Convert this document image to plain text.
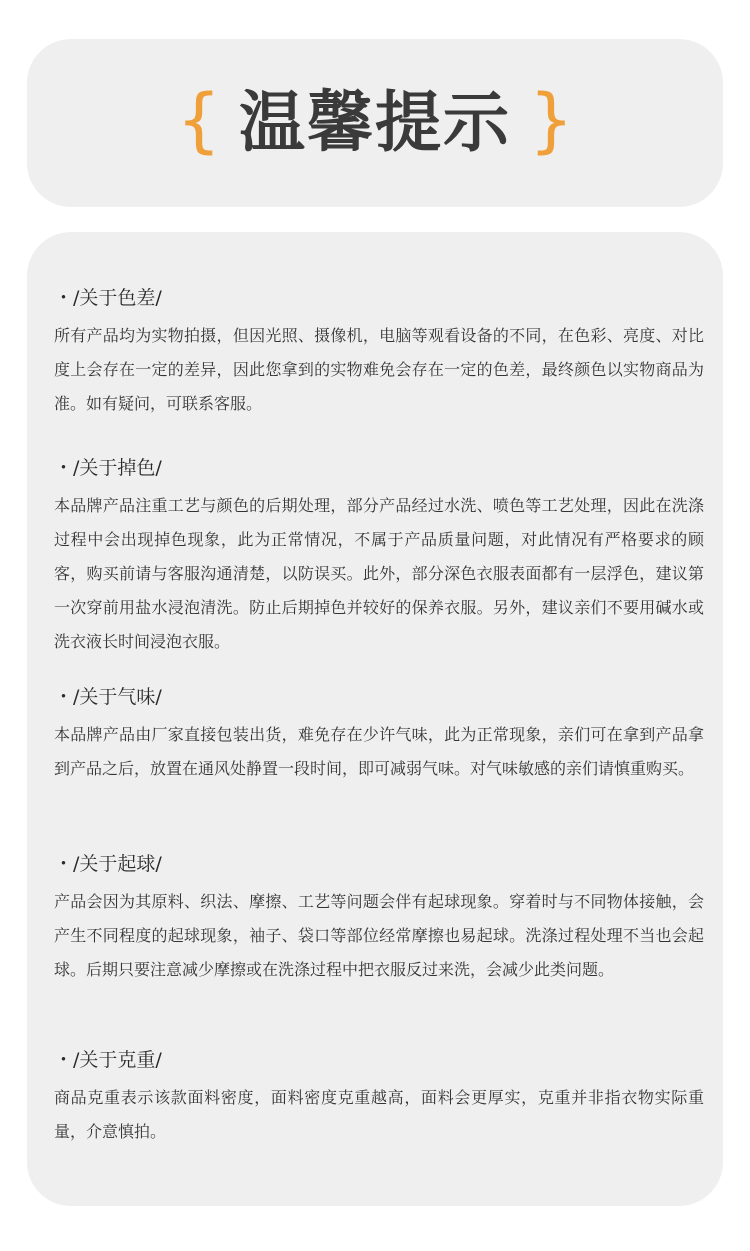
{ 温馨提示 }
・/关于色差/
所有产品均为实物拍摄，但因光照、摄像机，电脑等观看设备的不同，在色彩、亮度、对比度上会存在一定的差异，因此您拿到的实物难免会存在一定的色差，最终颜色以实物商品为准。如有疑问，可联系客服。
・/关于掉色/
本品牌产品注重工艺与颜色的后期处理，部分产品经过水洗、喷色等工艺处理，因此在洗涤过程中会出现掉色现象，此为正常情况，不属于产品质量问题，对此情况有严格要求的顾客，购买前请与客服沟通清楚，以防误买。此外，部分深色衣服表面都有一层浮色，建议第一次穿前用盐水浸泡清洗。防止后期掉色并较好的保养衣服。另外，建议亲们不要用碱水或洗衣液长时间浸泡衣服。
・/关于气味/
本品牌产品由厂家直接包装出货，难免存在少许气味，此为正常现象，亲们可在拿到产品拿到产品之后，放置在通风处静置一段时间，即可减弱气味。对气味敏感的亲们请慎重购买。
・/关于起球/
产品会因为其原料、织法、摩擦、工艺等问题会伴有起球现象。穿着时与不同物体接触，会产生不同程度的起球现象，袖子、袋口等部位经常摩擦也易起球。洗涤过程处理不当也会起球。后期只要注意减少摩擦或在洗涤过程中把衣服反过来洗，会减少此类问题。
・/关于克重/
商品克重表示该款面料密度，面料密度克重越高，面料会更厚实，克重并非指衣物实际重量，介意慎拍。
